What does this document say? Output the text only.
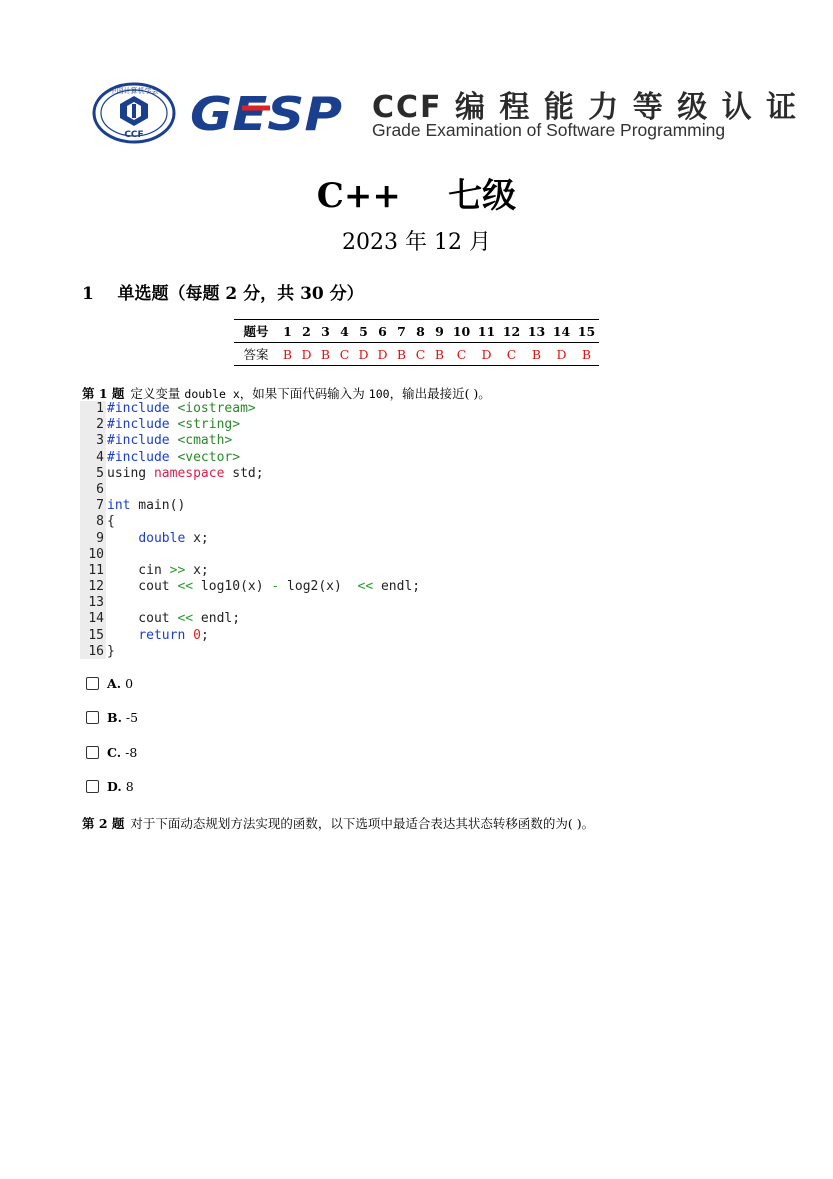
中国计算机学会
CCF GESP CCF 编 程 能 力 等 级 认 证
Grade Examination of Software Programming
C++    七级
2023 年 12 月
1    单选题（每题 2 分，共 30 分）
题号	1	2	3	4	5	6	7	8	9	10	11	12	13	14	15
答案	B	D	B	C	D	D	B	C	B	C	D	C	B	D	B
第 1 题 定义变量 double x，如果下面代码输入为 100，输出最接近( )。
1 #include <iostream>
2 #include <string>
3 #include <cmath>
4 #include <vector>
5 using namespace std;
6
7 int main()
8 {
9	double x;
10
11    cin >> x;
12    cout << log10(x) - log2(x)  << endl;
13
14    cout << endl;
15	return 0;
16 }
A. 0
B. -5
C. -8
D. 8
第 2 题 对于下面动态规划方法实现的函数，以下选项中最适合表达其状态转移函数的为( )。
